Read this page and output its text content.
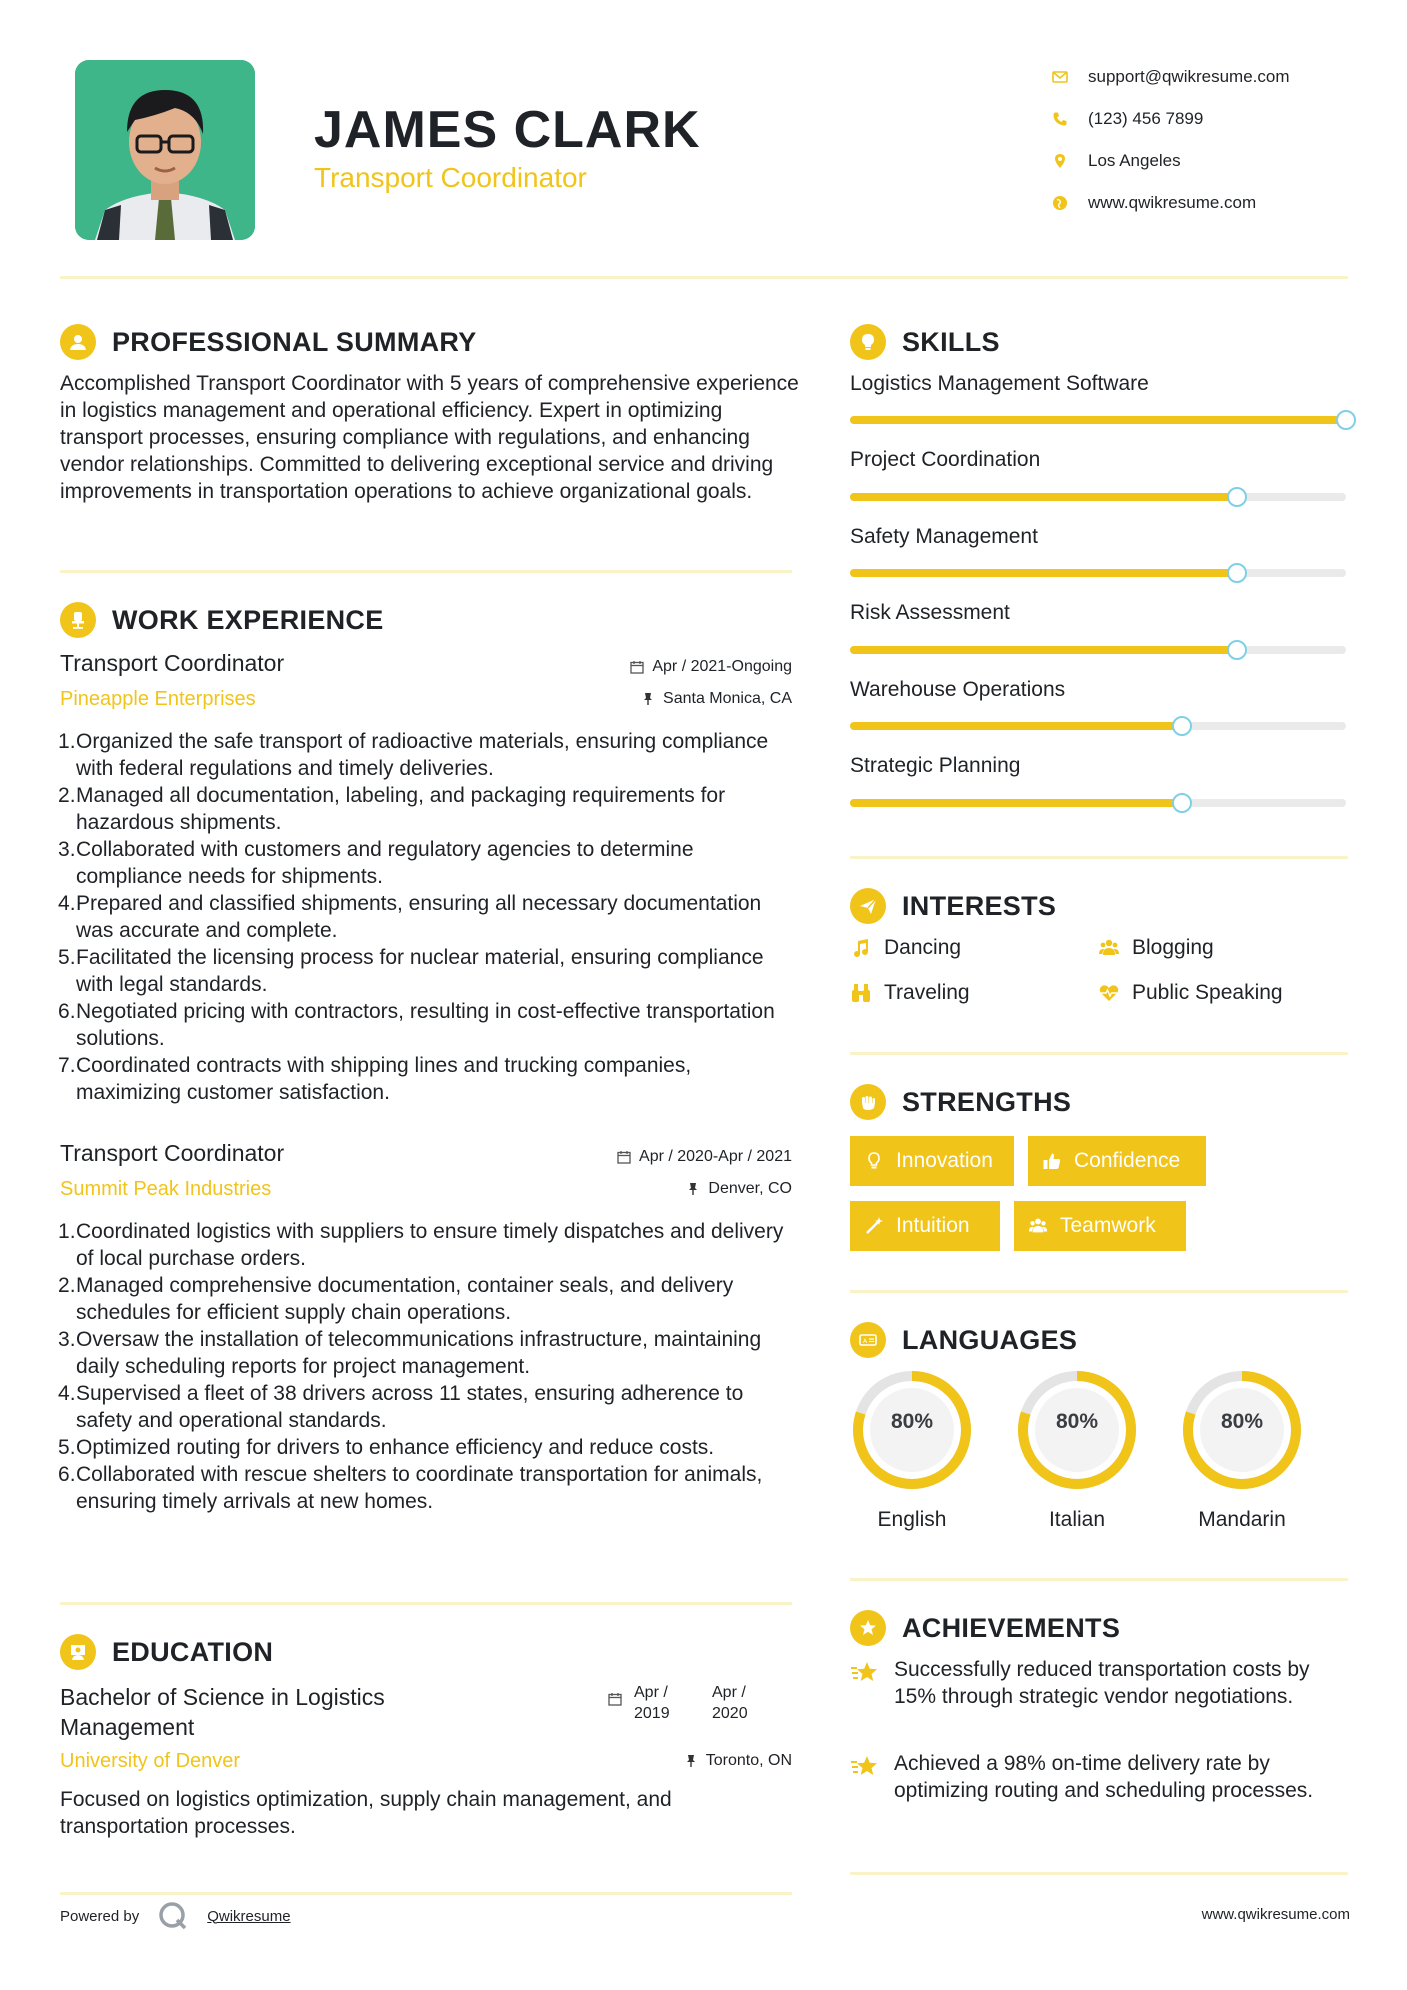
JAMES CLARK
Transport Coordinator
support@qwikresume.com
(123) 456 7899
Los Angeles
www.qwikresume.com
PROFESSIONAL SUMMARY
Accomplished Transport Coordinator with 5 years of comprehensive experience in logistics management and operational efficiency. Expert in optimizing transport processes, ensuring compliance with regulations, and enhancing vendor relationships. Committed to delivering exceptional service and driving improvements in transportation operations to achieve organizational goals.
WORK EXPERIENCE
Transport Coordinator	Apr / 2021-Ongoing
Pineapple Enterprises	Santa Monica, CA
Organized the safe transport of radioactive materials, ensuring compliance with federal regulations and timely deliveries.
Managed all documentation, labeling, and packaging requirements for hazardous shipments.
Collaborated with customers and regulatory agencies to determine compliance needs for shipments.
Prepared and classified shipments, ensuring all necessary documentation was accurate and complete.
Facilitated the licensing process for nuclear material, ensuring compliance with legal standards.
Negotiated pricing with contractors, resulting in cost-effective transportation solutions.
Coordinated contracts with shipping lines and trucking companies, maximizing customer satisfaction.
Transport Coordinator	Apr / 2020-Apr / 2021
Summit Peak Industries	Denver, CO
Coordinated logistics with suppliers to ensure timely dispatches and delivery of local purchase orders.
Managed comprehensive documentation, container seals, and delivery schedules for efficient supply chain operations.
Oversaw the installation of telecommunications infrastructure, maintaining daily scheduling reports for project management.
Supervised a fleet of 38 drivers across 11 states, ensuring adherence to safety and operational standards.
Optimized routing for drivers to enhance efficiency and reduce costs.
Collaborated with rescue shelters to coordinate transportation for animals, ensuring timely arrivals at new homes.
EDUCATION
Bachelor of Science in Logistics Management
Apr / 2019
Apr / 2020
University of Denver	Toronto, ON
Focused on logistics optimization, supply chain management, and transportation processes.
SKILLS
Logistics Management Software
Project Coordination
Safety Management
Risk Assessment
Warehouse Operations
Strategic Planning
INTERESTS
Dancing	Blogging
Traveling	Public Speaking
STRENGTHS
Innovation	Confidence
Intuition	Teamwork
A LANGUAGES
80%
English
80%
Italian
80%
Mandarin
ACHIEVEMENTS
Successfully reduced transportation costs by 15% through strategic vendor negotiations.
Achieved a 98% on-time delivery rate by optimizing routing and scheduling processes.
Powered by	Qwikresume	www.qwikresume.com
